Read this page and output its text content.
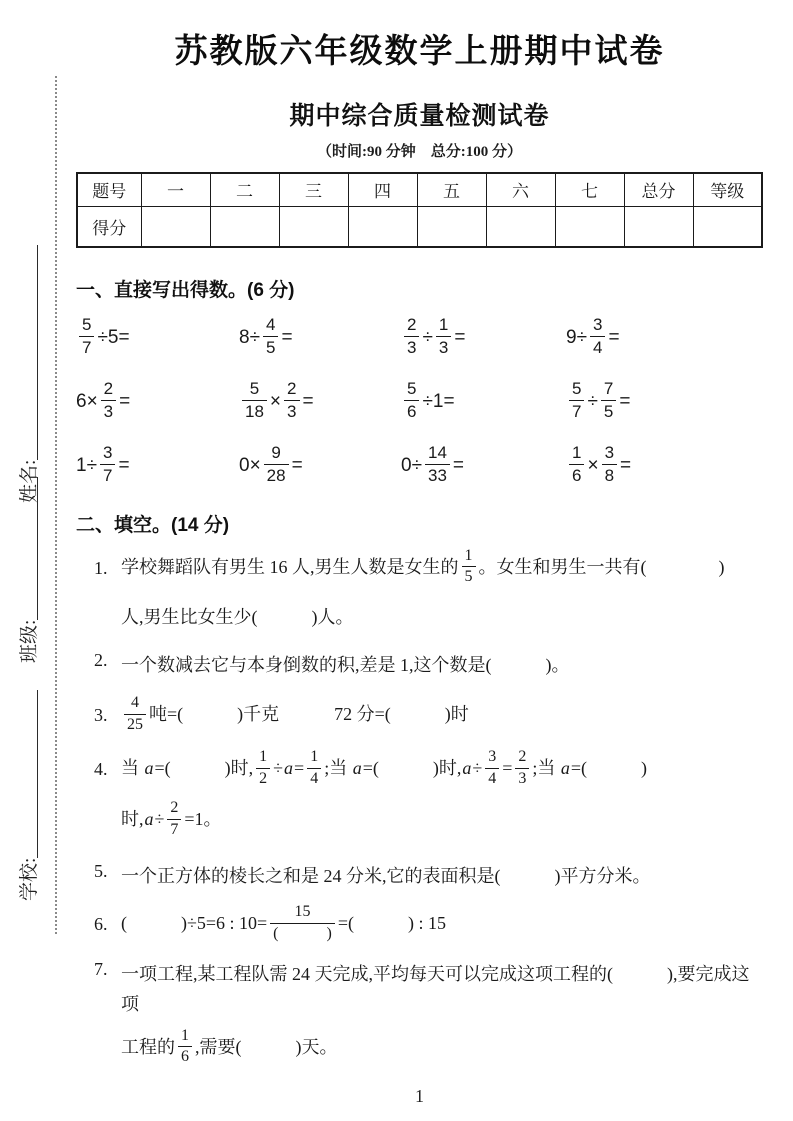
姓名:
班级:
学校:
苏教版六年级数学上册期中试卷
期中综合质量检测试卷
（时间:90 分钟　总分:100 分）
题号	一	二	三	四	五	六	七	总分	等级
得分									
一、直接写出得数。(6 分)
$\frac{5}{7} \div 5=$	$8\div \frac{4}{5}$ =	$\frac{2}{3} \div \frac{1}{3}$ =	$9\div \frac{3}{4}$ =
$6\times \frac{2}{3}$ =	$\frac{5}{18} \times \frac{2}{3}$ =	$\frac{5}{6} \div 1=$	$\frac{5}{7} \div \frac{7}{5}$ =
$1\div \frac{3}{7}$ =	$0\times \frac{9}{28}$ =	$0\div \frac{14}{33}$ =	$\frac{1}{6} \times \frac{3}{8}$ =
二、填空。(14 分)
1. 学校舞蹈队有男生 16 人,男生人数是女生的 $\frac{1}{5}$ 。女生和男生一共有(　　　　)
人,男生比女生少(　　　)人。
2. 一个数减去它与本身倒数的积,差是 1,这个数是(　　　)。
3.	$\frac{4}{25}$ 吨=(　　　)千克	72 分=(　　　)时
4. 当 a=(　　　)时, $\frac{1}{2} \div a= \frac{1}{4}$ ;当 a=(　　　)时$,a\div \frac{3}{4} = \frac{2}{3}$ ;当 a=(　　　)
时$,a\div \frac{2}{7} =1$。
5. 一个正方体的棱长之和是 24 分米,它的表面积是(　　　)平方分米。
6. (　　　)÷5=6 : $10= \frac{15}{( )}$ =(　　　) : 15
7. 一项工程,某工程队需 24 天完成,平均每天可以完成这项工程的(　　　),要完成这项
工程的 $\frac{1}{6}$ ,需要(　　　)天。
1
